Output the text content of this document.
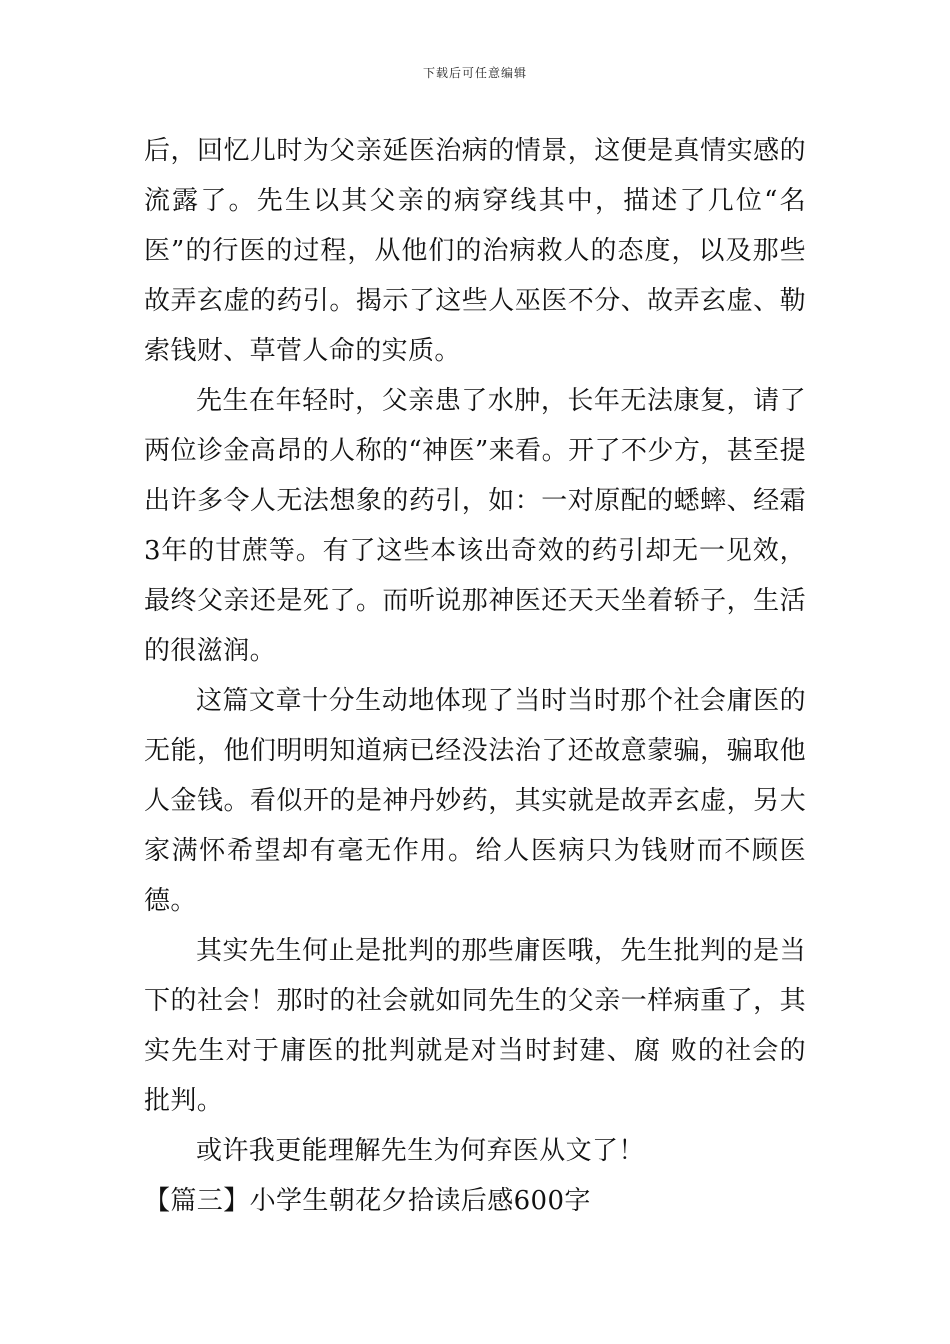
下载后可任意编辑

后，回忆儿时为父亲延医治病的情景，这便是真情实感的流露了。先生以其父亲的病穿线其中，描述了几位“名医”的行医的过程，从他们的治病救人的态度，以及那些故弄玄虚的药引。揭示了这些人巫医不分、故弄玄虚、勒索钱财、草菅人命的实质。

先生在年轻时，父亲患了水肿，长年无法康复，请了两位诊金高昂的人称的“神医”来看。开了不少方，甚至提出许多令人无法想象的药引，如：一对原配的蟋蟀、经霜3年的甘蔗等。有了这些本该出奇效的药引却无一见效，最终父亲还是死了。而听说那神医还天天坐着轿子，生活的很滋润。

这篇文章十分生动地体现了当时当时那个社会庸医的无能，他们明明知道病已经没法治了还故意蒙骗，骗取他人金钱。看似开的是神丹妙药，其实就是故弄玄虚，另大家满怀希望却有毫无作用。给人医病只为钱财而不顾医德。

其实先生何止是批判的那些庸医哦，先生批判的是当下的社会！那时的社会就如同先生的父亲一样病重了，其实先生对于庸医的批判就是对当时封建、腐 败的社会的批判。

或许我更能理解先生为何弃医从文了！

【篇三】小学生朝花夕拾读后感600字
